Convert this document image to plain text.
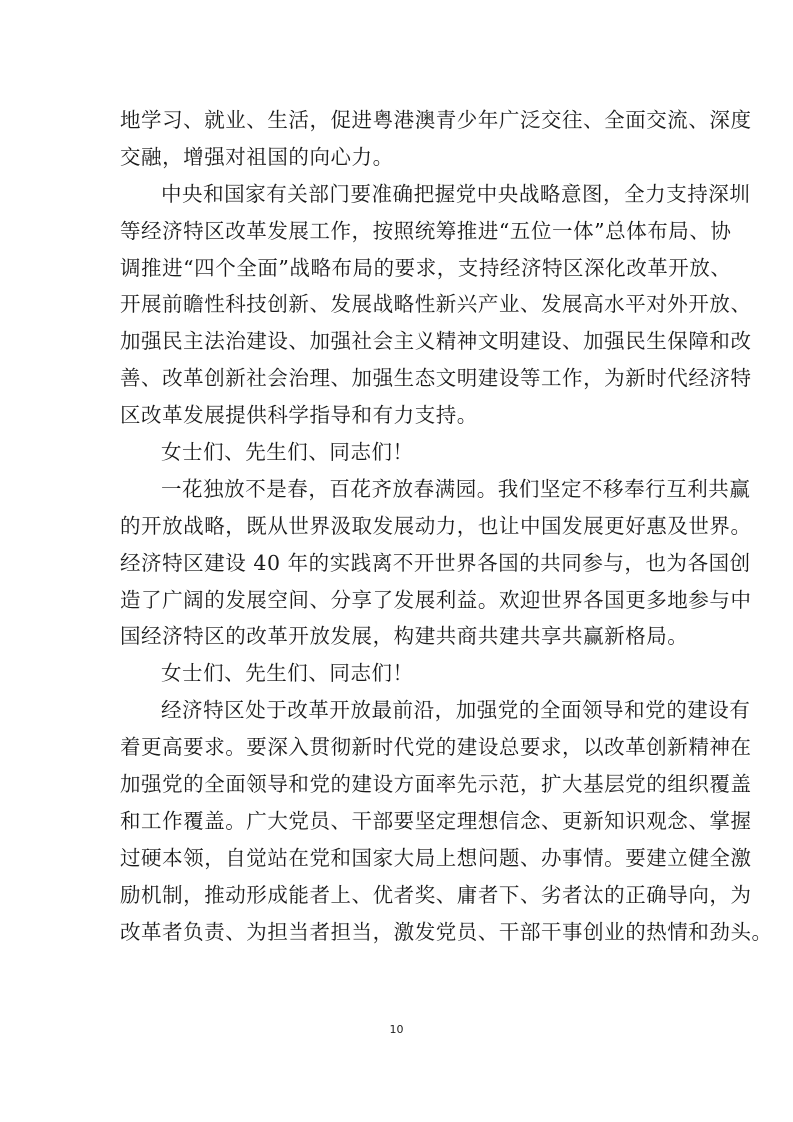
地学习、就业、生活，促进粤港澳青少年广泛交往、全面交流、深度
交融，增强对祖国的向心力。
中央和国家有关部门要准确把握党中央战略意图，全力支持深圳
等经济特区改革发展工作，按照统筹推进“五位一体”总体布局、协
调推进“四个全面”战略布局的要求，支持经济特区深化改革开放、
开展前瞻性科技创新、发展战略性新兴产业、发展高水平对外开放、
加强民主法治建设、加强社会主义精神文明建设、加强民生保障和改
善、改革创新社会治理、加强生态文明建设等工作，为新时代经济特
区改革发展提供科学指导和有力支持。
女士们、先生们、同志们！
一花独放不是春，百花齐放春满园。我们坚定不移奉行互利共赢
的开放战略，既从世界汲取发展动力，也让中国发展更好惠及世界。
经济特区建设 40 年的实践离不开世界各国的共同参与，也为各国创
造了广阔的发展空间、分享了发展利益。欢迎世界各国更多地参与中
国经济特区的改革开放发展，构建共商共建共享共赢新格局。
女士们、先生们、同志们！
经济特区处于改革开放最前沿，加强党的全面领导和党的建设有
着更高要求。要深入贯彻新时代党的建设总要求，以改革创新精神在
加强党的全面领导和党的建设方面率先示范，扩大基层党的组织覆盖
和工作覆盖。广大党员、干部要坚定理想信念、更新知识观念、掌握
过硬本领，自觉站在党和国家大局上想问题、办事情。要建立健全激
励机制，推动形成能者上、优者奖、庸者下、劣者汰的正确导向，为
改革者负责、为担当者担当，激发党员、干部干事创业的热情和劲头。
10
